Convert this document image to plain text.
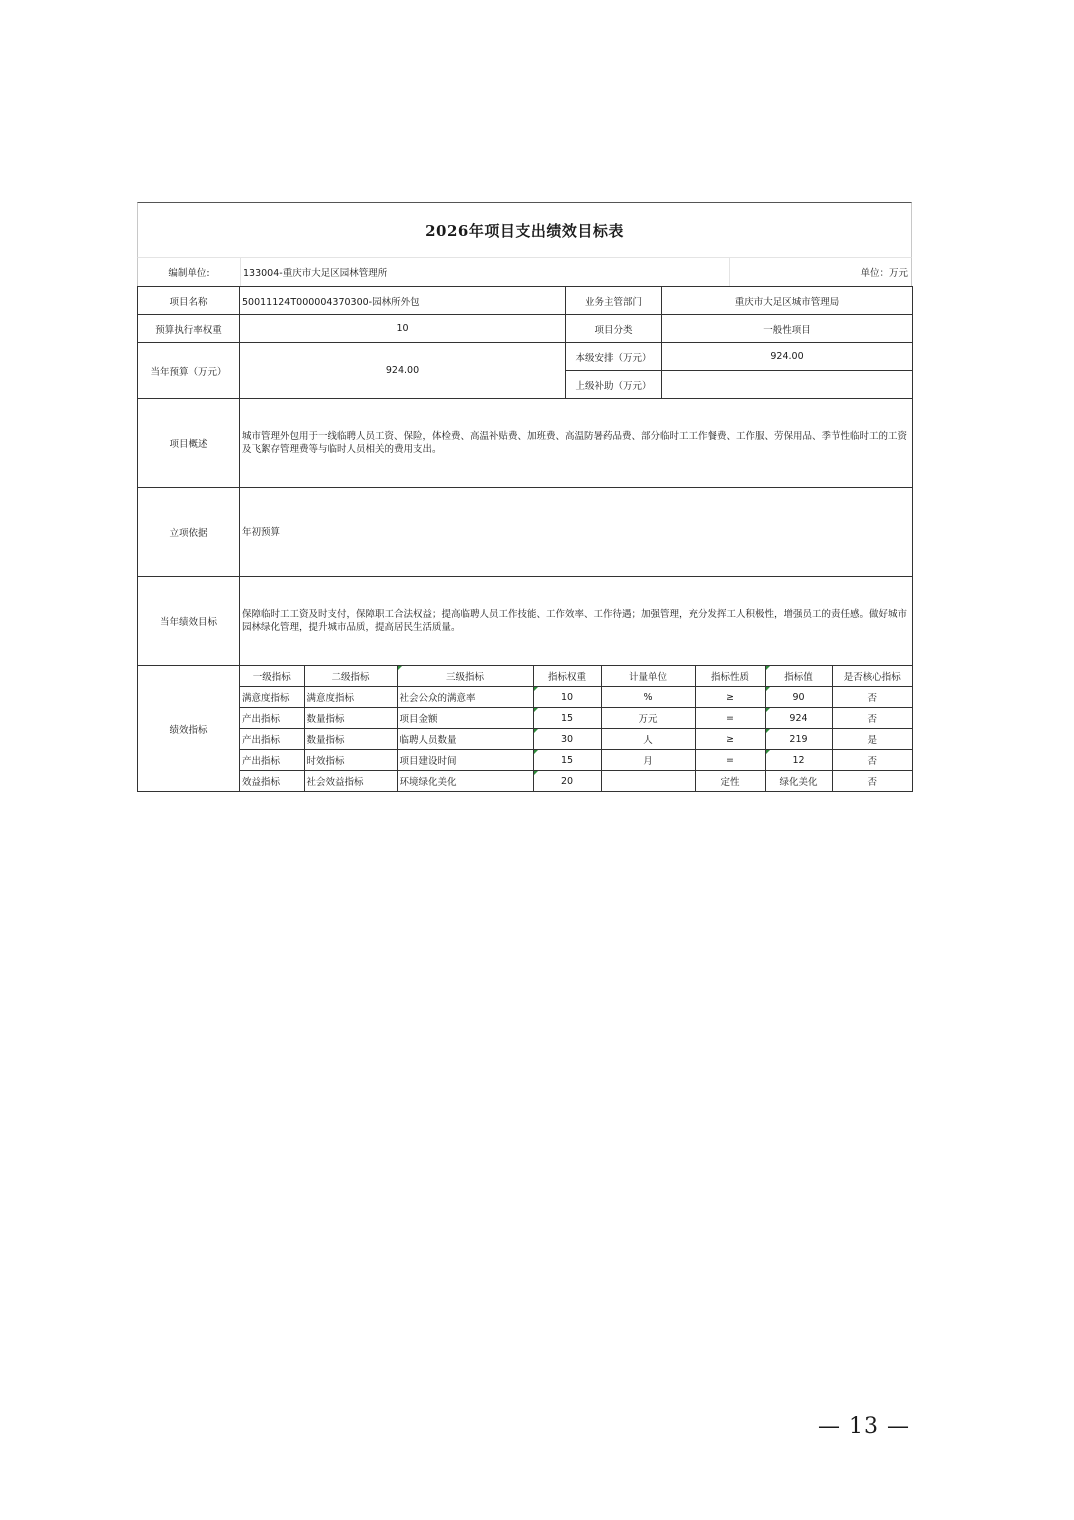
2026年项目支出绩效目标表
编制单位:	133004-重庆市大足区园林管理所	单位：万元
项目名称	50011124T000004370300-园林所外包	业务主管部门	重庆市大足区城市管理局
预算执行率权重	10	项目分类	一般性项目
当年预算（万元）	924.00	本级安排（万元）	924.00
上级补助（万元）	
项目概述	城市管理外包用于一线临聘人员工资、保险，体检费、高温补贴费、加班费、高温防暑药品费、部分临时工工作餐费、工作服、劳保用品、季节性临时工的工资及飞絮存管理费等与临时人员相关的费用支出。
立项依据	年初预算
当年绩效目标	保障临时工工资及时支付，保障职工合法权益；提高临聘人员工作技能、工作效率、工作待遇；加强管理，充分发挥工人积极性，增强员工的责任感。做好城市园林绿化管理，提升城市品质，提高居民生活质量。
绩效指标	
一级指标	二级指标	三级指标	指标权重	计量单位	指标性质	指标值	是否核心指标
满意度指标	满意度指标	社会公众的满意率	10	%	≥	90	否
产出指标	数量指标	项目金额	15	万元	=	924	否
产出指标	数量指标	临聘人员数量	30	人	≥	219	是
产出指标	时效指标	项目建设时间	15	月	=	12	否
效益指标	社会效益指标	环境绿化美化	20		定性	绿化美化	否
— 13 —
